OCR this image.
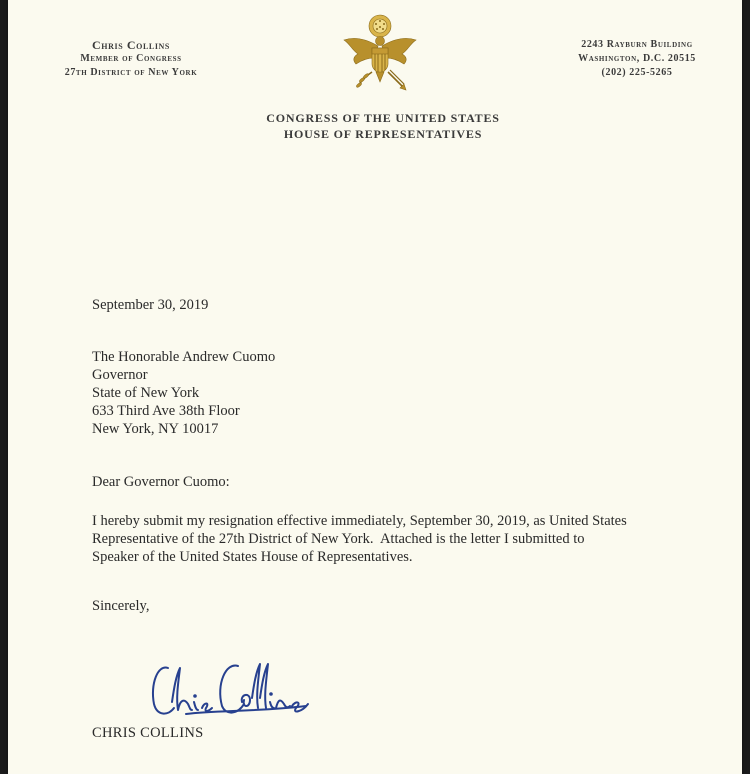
Chris Collins
Member of Congress
27th District of New York
2243 Rayburn Building
Washington, D.C. 20515
(202) 225-5265
CONGRESS OF THE UNITED STATES
HOUSE OF REPRESENTATIVES
September 30, 2019
The Honorable Andrew Cuomo
Governor
State of New York
633 Third Ave 38th Floor
New York, NY 10017
Dear Governor Cuomo:
I hereby submit my resignation effective immediately, September 30, 2019, as United States
Representative of the 27th District of New York.  Attached is the letter I submitted to
Speaker of the United States House of Representatives.
Sincerely,
CHRIS COLLINS
